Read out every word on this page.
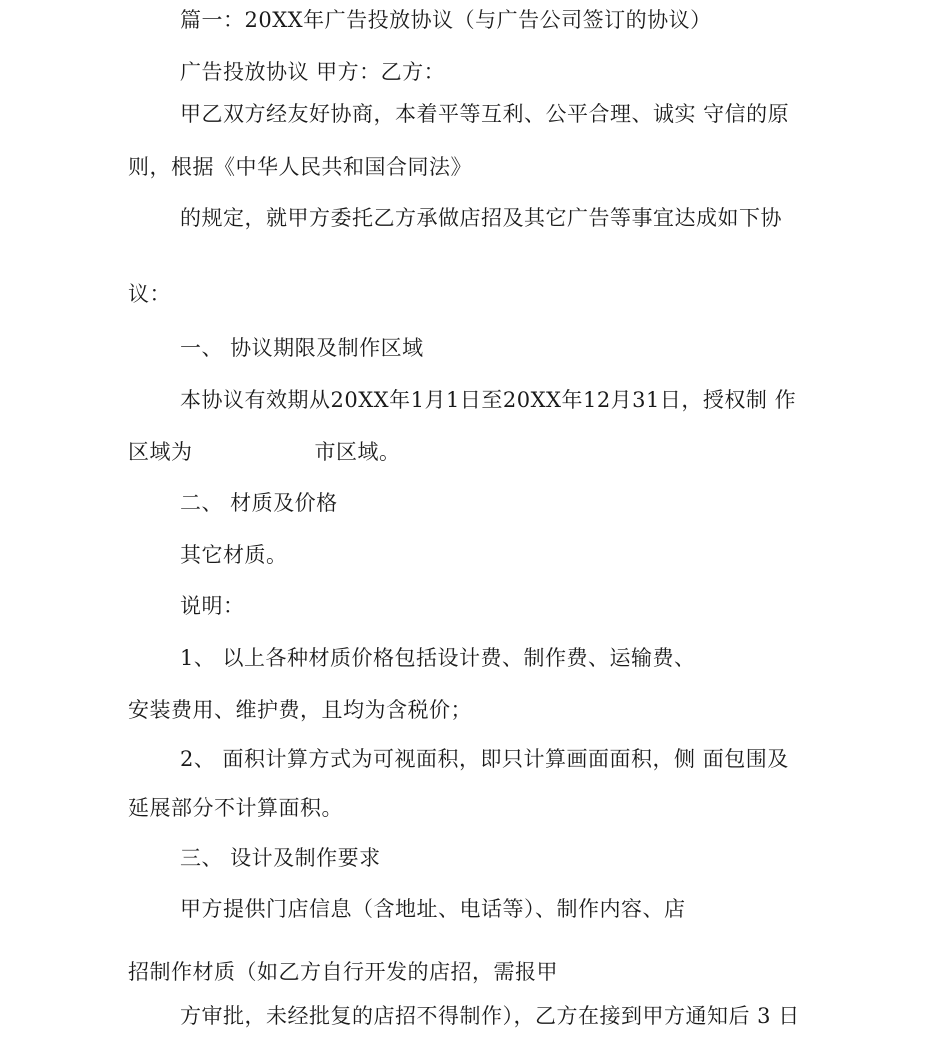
篇一：20XX年广告投放协议（与广告公司签订的协议）
广告投放协议 甲方：乙方：
甲乙双方经友好协商，本着平等互利、公平合理、诚实 守信的原
则，根据《中华人民共和国合同法》
的规定，就甲方委托乙方承做店招及其它广告等事宜达成如下协
议：
一、 协议期限及制作区域
本协议有效期从20XX年1月1日至20XX年12月31日，授权制 作
区域为	市区域。
二、 材质及价格
其它材质。
说明：
1、 以上各种材质价格包括设计费、制作费、运输费、
安装费用、维护费，且均为含税价；
2、 面积计算方式为可视面积，即只计算画面面积，侧 面包围及
延展部分不计算面积。
三、 设计及制作要求
甲方提供门店信息（含地址、电话等）、制作内容、店
招制作材质（如乙方自行开发的店招，需报甲
方审批，未经批复的店招不得制作），乙方在接到甲方通知后 3 日
